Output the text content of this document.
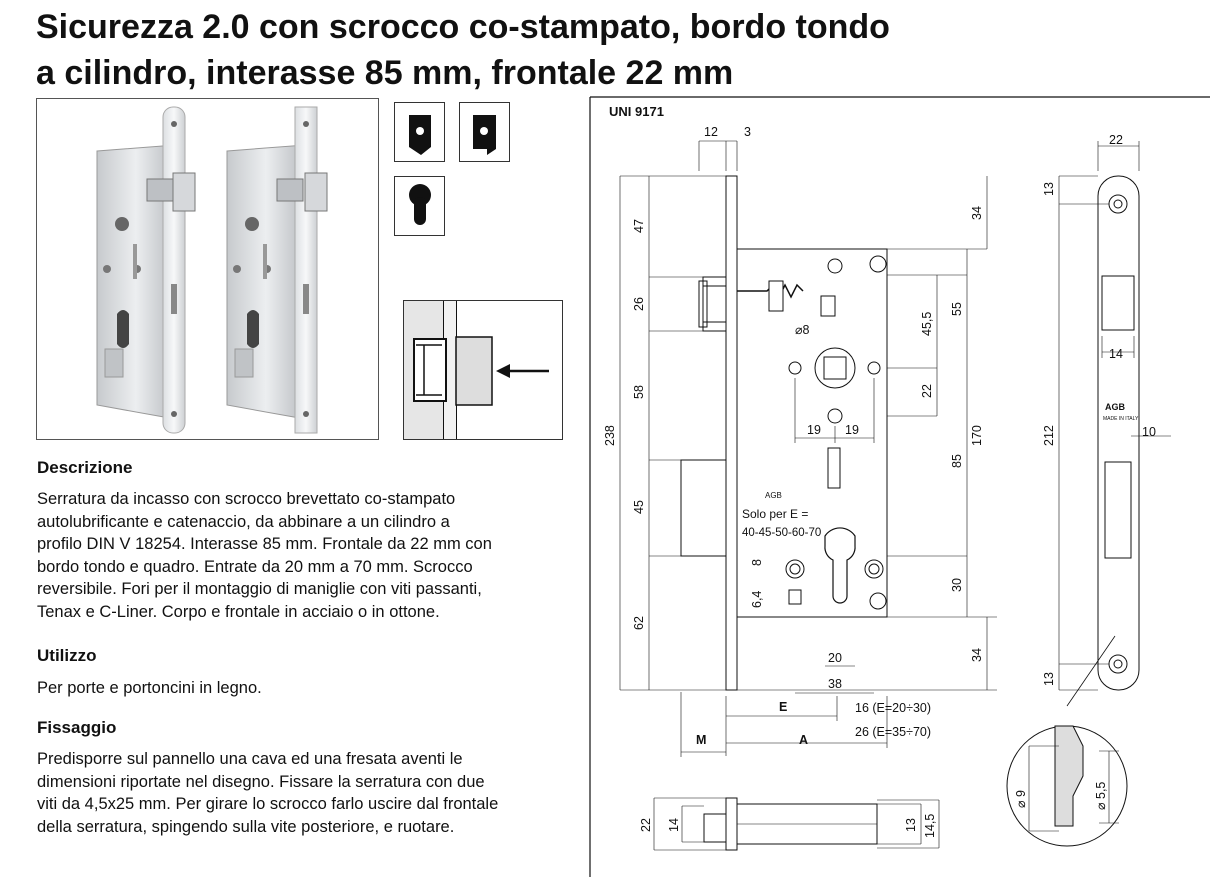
Sicurezza 2.0 con scrocco co-stampato, bordo tondo
a cilindro, interasse 85 mm, frontale 22 mm
Descrizione
Serratura da incasso con scrocco brevettato co-stampato
autolubrificante e catenaccio, da abbinare a un cilindro a
profilo DIN V 18254. Interasse 85 mm. Frontale da 22 mm con
bordo tondo e quadro. Entrate da 20 mm a 70 mm. Scrocco
reversibile. Fori per il montaggio di maniglie con viti passanti,
Tenax e C-Liner. Corpo e frontale in acciaio o in ottone.
Utilizzo
Per porte e portoncini in legno.
Fissaggio
Predisporre sul pannello una cava ed una fresata aventi le
dimensioni riportate nel disegno. Fissare la serratura con due
viti da 4,5x25 mm. Per girare lo scrocco farlo uscire dal frontale
della serratura, spingendo sulla vite posteriore, e ruotare.
UNI 9171
12 3
47
26
58
45
62
238
34
55
45,5
22
170
85
30
34
19 19
⌀8
8
6,4
20
38
E
A
M
16 (E=20÷30)
26 (E=35÷70)
22
14
13
212	10
13
22 14	13 14,5
⌀ 9	⌀ 5,5
Solo per E =
40-45-50-60-70
AGB
AGB
MADE IN ITALY
